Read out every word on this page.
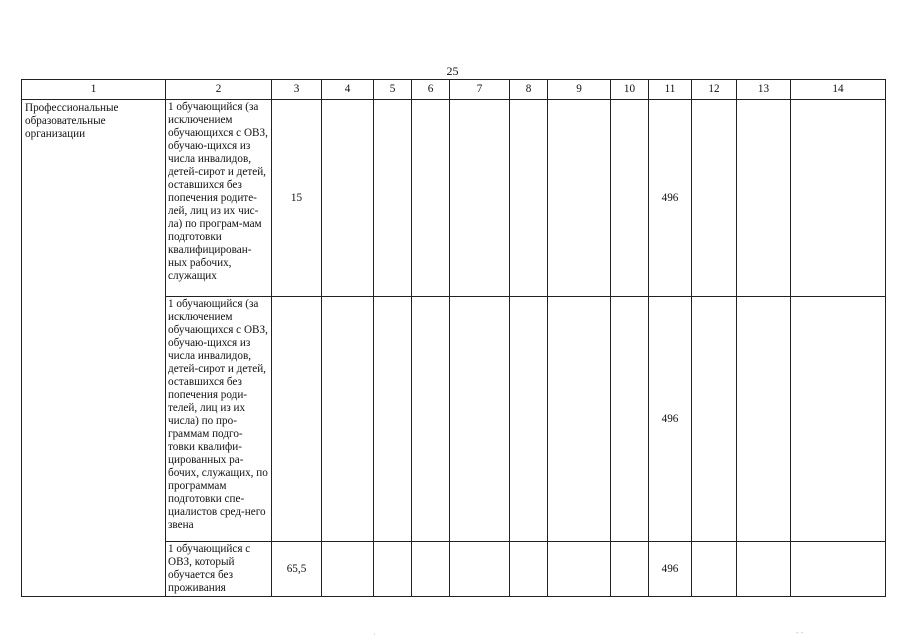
25
1	2	3	4	5	6	7	8	9	10	11	12	13	14
Профессиональные образовательные организации	1 обучающийся (за исключением обучающихся с ОВЗ, обучаю-щихся из числа инвалидов, детей-сирот и детей, оставшихся без попечения родите-лей, лиц из их чис-ла) по програм-мам подготовки квалифицирован-ных рабочих, служащих	15								496			
	1 обучающийся (за исключением обучающихся с ОВЗ, обучаю-щихся из числа инвалидов, детей-сирот и детей, оставшихся без попечения роди-телей, лиц из их числа) по про-граммам подго-товки квалифи-цированных ра-бочих, служащих, по программам подготовки спе-циалистов сред-него звена									496			
	1 обучающийся с ОВЗ, который обучается без проживания	65,5								496			
'	- -
